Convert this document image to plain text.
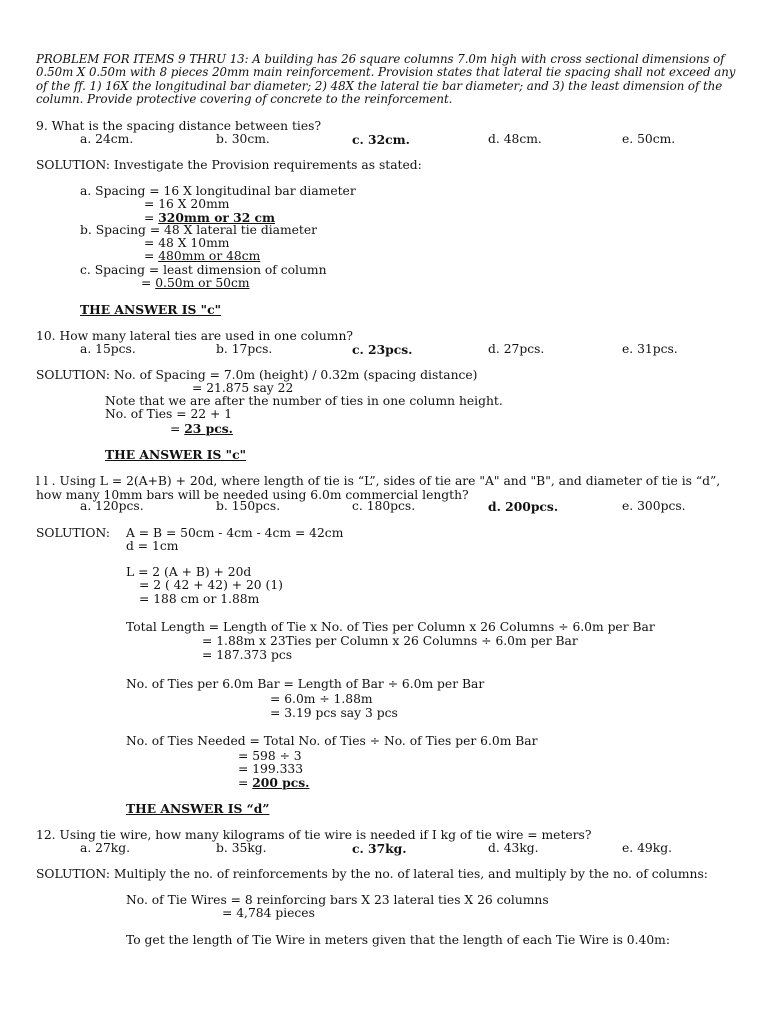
PROBLEM FOR ITEMS 9 THRU 13: A building has 26 square columns 7.0m high with cross sectional dimensions of 0.50m X 0.50m with 8 pieces 20mm main reinforcement. Provision states that lateral tie spacing shall not exceed any of the ff. 1) 16X the longitudinal bar diameter; 2) 48X the lateral tie bar diameter; and 3) the least dimension of the column. Provide protective covering of concrete to the reinforcement.
9. What is the spacing distance between ties?
a. 24cm.	b. 30cm.	c. 32cm.	d. 48cm.	e. 50cm.
SOLUTION: Investigate the Provision requirements as stated:
a. Spacing = 16 X longitudinal bar diameter
= 16 X 20mm
= 320mm or 32 cm
b. Spacing = 48 X lateral tie diameter
= 48 X 10mm
= 480mm or 48cm
c. Spacing = least dimension of column
= 0.50m or 50cm
THE ANSWER IS "c"
10. How many lateral ties are used in one column?
a. 15pcs.	b. 17pcs.	c. 23pcs.	d. 27pcs.	e. 31pcs.
SOLUTION: No. of Spacing = 7.0m (height) / 0.32m (spacing distance)
= 21.875 say 22
Note that we are after the number of ties in one column height.
No. of Ties = 22 + 1
= 23 pcs.
THE ANSWER IS "c"
l l . Using L = 2(A+B) + 20d, where length of tie is “L”, sides of tie are "A" and "B", and diameter of tie is “d”, how many 10mm bars will be needed using 6.0m commercial length?
a. 120pcs.	b. 150pcs.	c. 180pcs.	d. 200pcs.	e. 300pcs.
SOLUTION: A = B = 50cm - 4cm - 4cm = 42cm
d = 1cm
L = 2 (A + B) + 20d
= 2 ( 42 + 42) + 20 (1)
= 188 cm or 1.88m
Total Length = Length of Tie x No. of Ties per Column x 26 Columns ÷ 6.0m per Bar
= 1.88m x 23Ties per Column x 26 Columns ÷ 6.0m per Bar
= 187.373 pcs
No. of Ties per 6.0m Bar = Length of Bar ÷ 6.0m per Bar
= 6.0m ÷ 1.88m
= 3.19 pcs say 3 pcs
No. of Ties Needed = Total No. of Ties ÷ No. of Ties per 6.0m Bar
= 598 ÷ 3
= 199.333
= 200 pcs.
THE ANSWER IS “d”
12. Using tie wire, how many kilograms of tie wire is needed if I kg of tie wire = meters?
a. 27kg.	b. 35kg.	c. 37kg.	d. 43kg.	e. 49kg.
SOLUTION: Multiply the no. of reinforcements by the no. of lateral ties, and multiply by the no. of columns:
No. of Tie Wires = 8 reinforcing bars X 23 lateral ties X 26 columns
= 4,784 pieces
To get the length of Tie Wire in meters given that the length of each Tie Wire is 0.40m:
